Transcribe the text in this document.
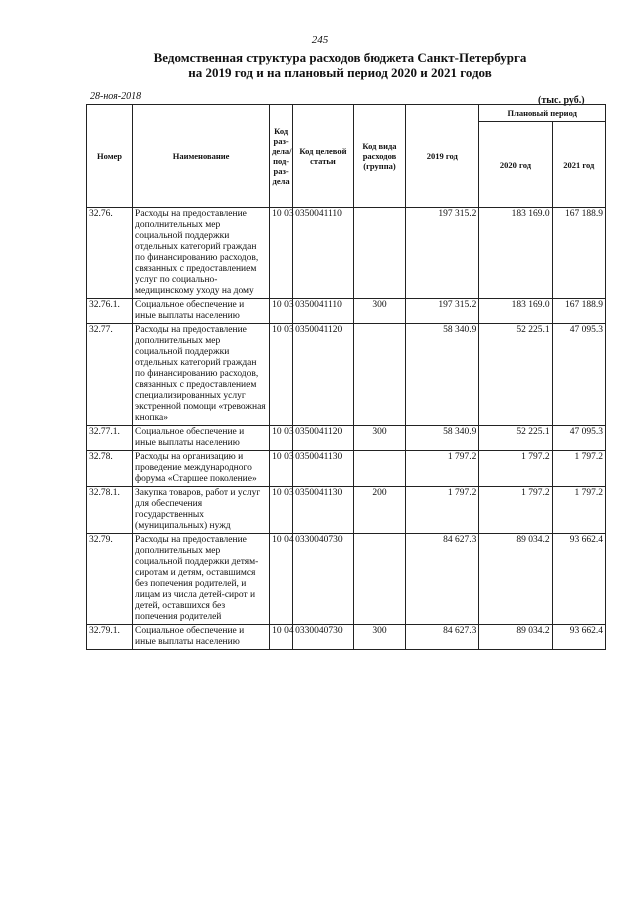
245
Ведомственная структура расходов бюджета Санкт-Петербурга
на 2019 год и на плановый период 2020 и 2021 годов
28-ноя-2018	(тыс. руб.)
Номер	Наименование	Код раз-дела/ под-раз-дела	Код целевой статьи	Код вида расходов (группа)	2019 год	Плановый период	
						2020 год	2021 год
32.76.	Расходы на предоставление дополнительных мер социальной поддержки отдельных категорий граждан по финансированию расходов, связанных с предоставлением услуг по социально-медицинскому уходу на дому	10 03	0350041110		197 315.2	183 169.0	167 188.9
32.76.1.	Социальное обеспечение и иные выплаты населению	10 03	0350041110	300	197 315.2	183 169.0	167 188.9
32.77.	Расходы на предоставление дополнительных мер социальной поддержки отдельных категорий граждан по финансированию расходов, связанных с предоставлением специализированных услуг экстренной помощи «тревожная кнопка»	10 03	0350041120		58 340.9	52 225.1	47 095.3
32.77.1.	Социальное обеспечение и иные выплаты населению	10 03	0350041120	300	58 340.9	52 225.1	47 095.3
32.78.	Расходы на организацию и проведение международного форума «Старшее поколение»	10 03	0350041130		1 797.2	1 797.2	1 797.2
32.78.1.	Закупка товаров, работ и услуг для обеспечения государственных (муниципальных) нужд	10 03	0350041130	200	1 797.2	1 797.2	1 797.2
32.79.	Расходы на предоставление дополнительных мер социальной поддержки детям-сиротам и детям, оставшимся без попечения родителей, и лицам из числа детей-сирот и детей, оставшихся без попечения родителей	10 04	0330040730		84 627.3	89 034.2	93 662.4
32.79.1.	Социальное обеспечение и иные выплаты населению	10 04	0330040730	300	84 627.3	89 034.2	93 662.4
